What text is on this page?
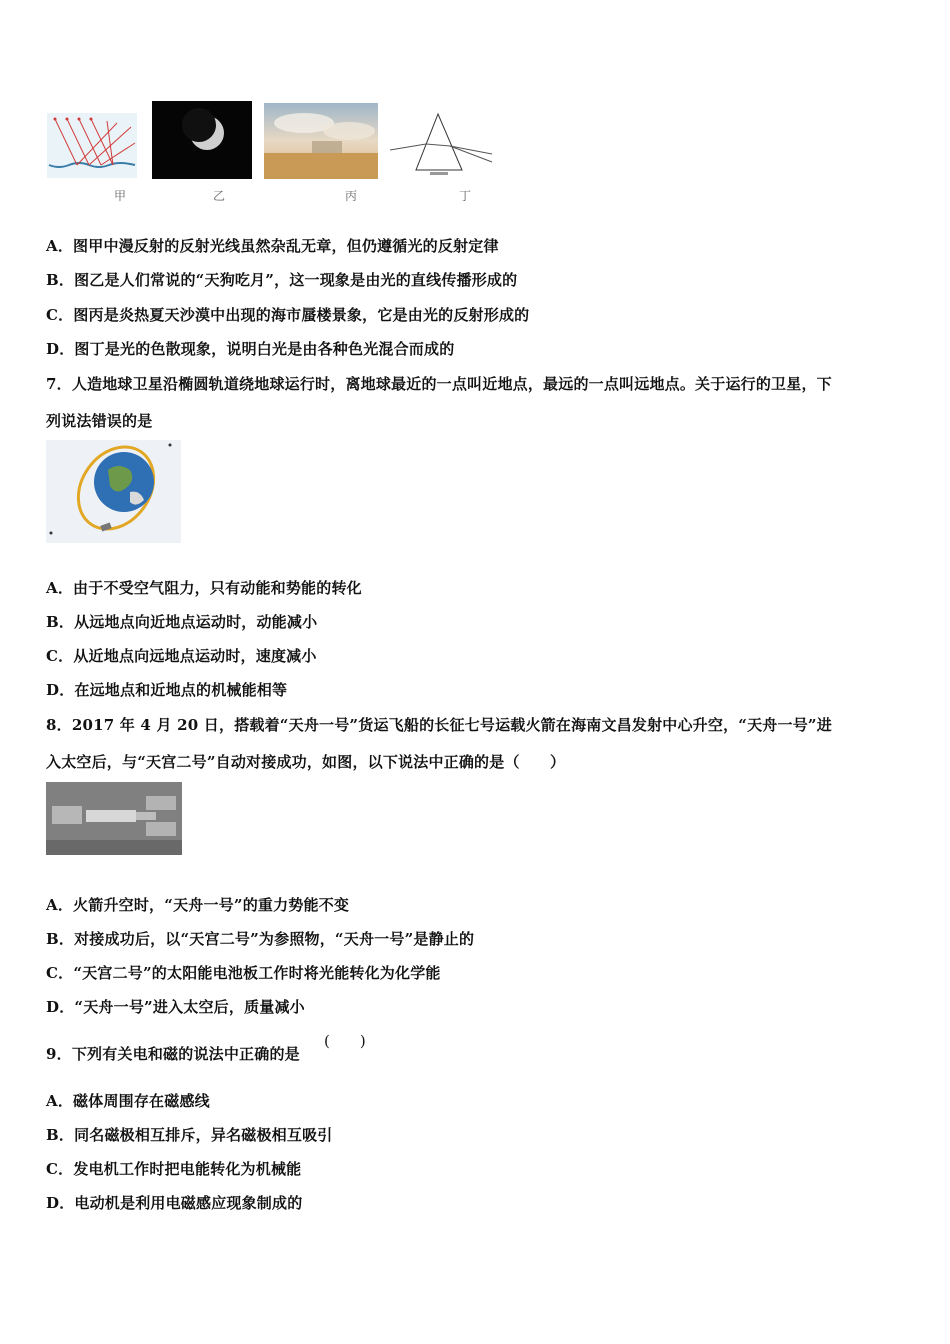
甲	乙	丙	丁
A．图甲中漫反射的反射光线虽然杂乱无章，但仍遵循光的反射定律
B．图乙是人们常说的“天狗吃月”，这一现象是由光的直线传播形成的
C．图丙是炎热夏天沙漠中出现的海市蜃楼景象，它是由光的反射形成的
D．图丁是光的色散现象，说明白光是由各种色光混合而成的
7．人造地球卫星沿椭圆轨道绕地球运行时，离地球最近的一点叫近地点，最远的一点叫远地点。关于运行的卫星，下
列说法错误的是
A．由于不受空气阻力，只有动能和势能的转化
B．从远地点向近地点运动时，动能减小
C．从近地点向远地点运动时，速度减小
D．在远地点和近地点的机械能相等
8．2017 年 4 月 20 日，搭载着“天舟一号”货运飞船的长征七号运载火箭在海南文昌发射中心升空，“天舟一号”进
入太空后，与“天宫二号”自动对接成功，如图，以下说法中正确的是（　　）
A．火箭升空时，“天舟一号”的重力势能不变
B．对接成功后，以“天宫二号”为参照物，“天舟一号”是静止的
C．“天宫二号”的太阳能电池板工作时将光能转化为化学能
D．“天舟一号”进入太空后，质量减小
9．下列有关电和磁的说法中正确的是
(　　)
A．磁体周围存在磁感线
B．同名磁极相互排斥，异名磁极相互吸引
C．发电机工作时把电能转化为机械能
D．电动机是利用电磁感应现象制成的
